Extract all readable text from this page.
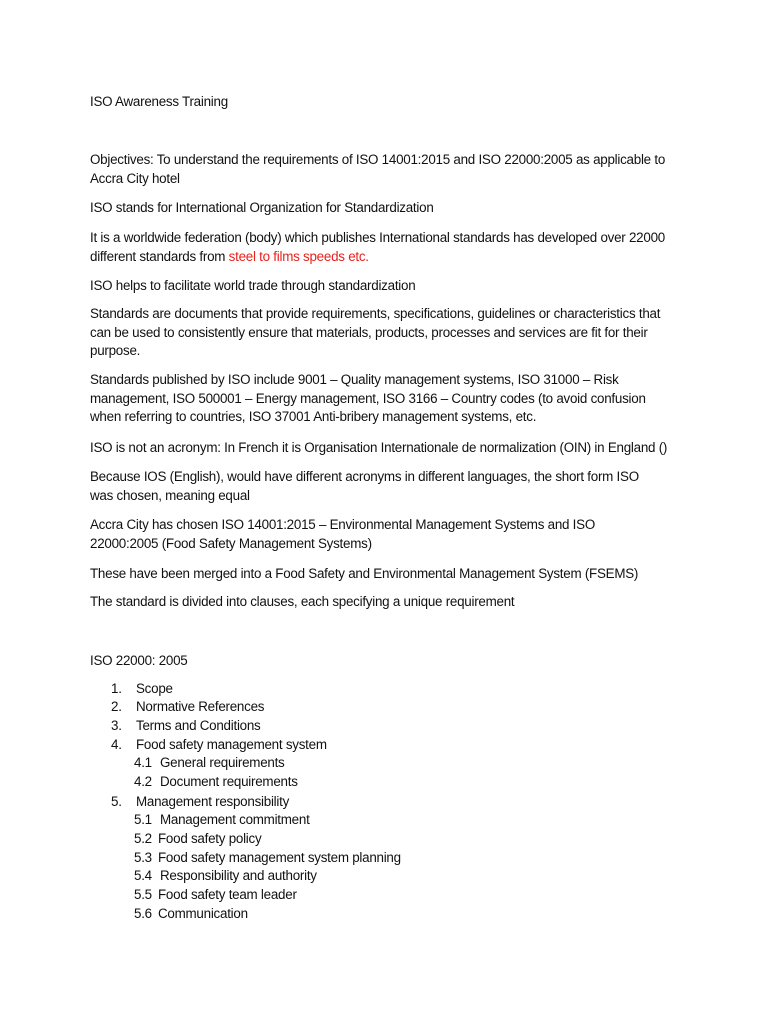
ISO Awareness Training

Objectives: To understand the requirements of ISO 14001:2015 and ISO 22000:2005 as applicable to Accra City hotel

ISO stands for International Organization for Standardization

It is a worldwide federation (body) which publishes International standards has developed over 22000 different standards from steel to films speeds etc.

ISO helps to facilitate world trade through standardization

Standards are documents that provide requirements, specifications, guidelines or characteristics that can be used to consistently ensure that materials, products, processes and services are fit for their purpose.

Standards published by ISO include 9001 – Quality management systems, ISO 31000 – Risk management, ISO 500001 – Energy management, ISO 3166 – Country codes (to avoid confusion when referring to countries, ISO 37001 Anti-bribery management systems, etc.

ISO is not an acronym: In French it is Organisation Internationale de normalization (OIN) in England ()

Because IOS (English), would have different acronyms in different languages, the short form ISO was chosen, meaning equal

Accra City has chosen ISO 14001:2015 – Environmental Management Systems and ISO 22000:2005 (Food Safety Management Systems)

These have been merged into a Food Safety and Environmental Management System (FSEMS)

The standard is divided into clauses, each specifying a unique requirement

ISO 22000: 2005

1. Scope
2. Normative References
3. Terms and Conditions
4. Food safety management system
4.1 General requirements
4.2 Document requirements
5. Management responsibility
5.1 Management commitment
5.2 Food safety policy
5.3 Food safety management system planning
5.4 Responsibility and authority
5.5 Food safety team leader
5.6 Communication
